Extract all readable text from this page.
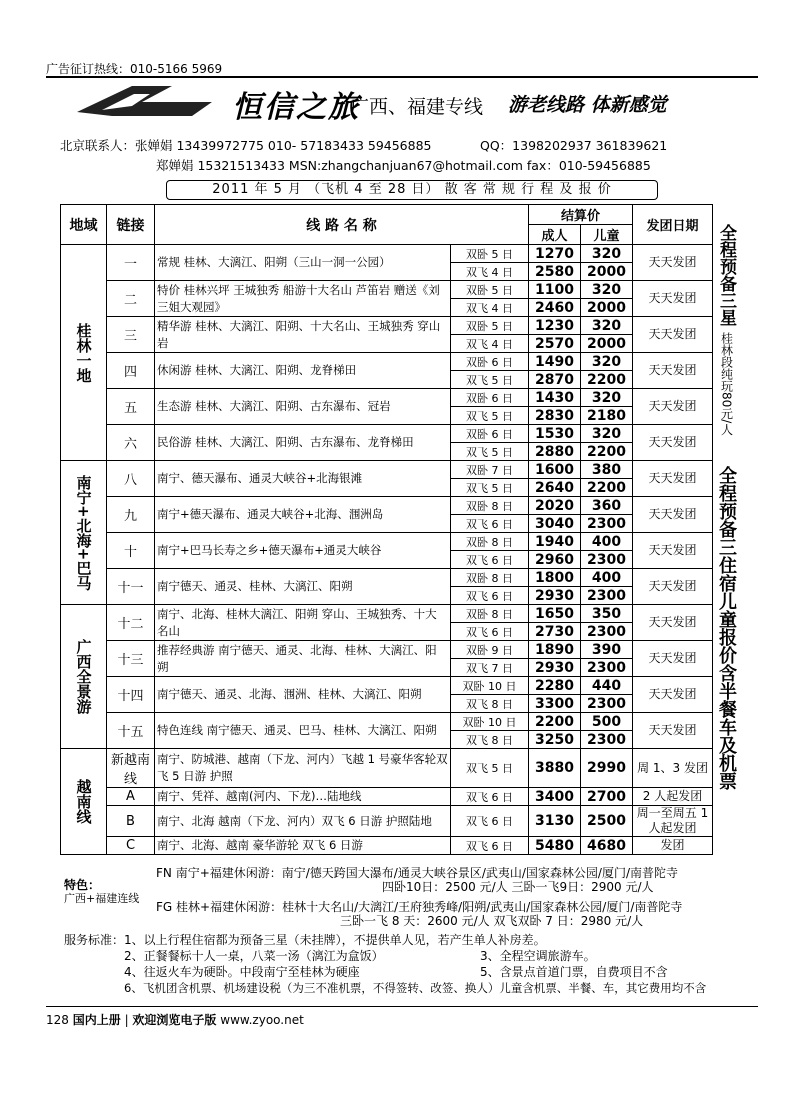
广告征订热线：010-5166 5969
恒信之旅
广西、福建专线 游老线路 体新感觉
北京联系人：张婵娟 13439972775 010- 57183433 59456885	QQ：1398202937 361839621
郑婵娟 15321513433 MSN:zhangchanjuan67@hotmail.com fax：010-59456885
2011 年 5 月 （飞机 4 至 28 日） 散 客 常 规 行 程 及 报 价
地域	链接	线 路 名 称		结算价		发团日期
				成人	儿童	
桂林一地	一	常规 桂林、大漓江、阳朔（三山一洞一公园）	双卧 5 日	1270	320	天天发团
			双飞 4 日	2580	2000	
	二	特价 桂林兴坪 王城独秀 船游十大名山 芦笛岩 赠送《刘三姐大观园》	双卧 5 日	1100	320	天天发团
			双飞 4 日	2460	2000	
	三	精华游 桂林、大漓江、阳朔、十大名山、王城独秀 穿山岩	双卧 5 日	1230	320	天天发团
			双飞 4 日	2570	2000	
	四	休闲游 桂林、大漓江、阳朔、龙脊梯田	双卧 6 日	1490	320	天天发团
			双飞 5 日	2870	2200	
	五	生态游 桂林、大漓江、阳朔、古东瀑布、冠岩	双卧 6 日	1430	320	天天发团
			双飞 5 日	2830	2180	
	六	民俗游 桂林、大漓江、阳朔、古东瀑布、龙脊梯田	双卧 6 日	1530	320	天天发团
			双飞 5 日	2880	2200	
南宁+北海+巴马	八	南宁、德天瀑布、通灵大峡谷+北海银滩	双卧 7 日	1600	380	天天发团
			双飞 5 日	2640	2200	
	九	南宁+德天瀑布、通灵大峡谷+北海、涠洲岛	双卧 8 日	2020	360	天天发团
			双飞 6 日	3040	2300	
	十	南宁+巴马长寿之乡+德天瀑布+通灵大峡谷	双卧 8 日	1940	400	天天发团
			双飞 6 日	2960	2300	
	十一	南宁德天、通灵、桂林、大漓江、阳朔	双卧 8 日	1800	400	天天发团
			双飞 6 日	2930	2300	
广西全景游	十二	南宁、北海、桂林大漓江、阳朔 穿山、王城独秀、十大名山	双卧 8 日	1650	350	天天发团
			双飞 6 日	2730	2300	
	十三	推荐经典游 南宁德天、通灵、北海、桂林、大漓江、阳朔	双卧 9 日	1890	390	天天发团
			双飞 7 日	2930	2300	
	十四	南宁德天、通灵、北海、涠洲、桂林、大漓江、阳朔	双卧 10 日	2280	440	天天发团
			双飞 8 日	3300	2300	
	十五	特色连线 南宁德天、通灵、巴马、桂林、大漓江、阳朔	双卧 10 日	2200	500	天天发团
			双飞 8 日	3250	2300	
越南线	新越南线	南宁、防城港、越南（下龙、河内）飞越 1 号豪华客轮双飞 5 日游 护照	双飞 5 日	3880	2990	周 1、3 发团
	A	南宁、凭祥、越南(河内、下龙)…陆地线	双飞 6 日	3400	2700	2 人起发团
	B	南宁、北海 越南（下龙、河内）双飞 6 日游 护照陆地	双飞 6 日	3130	2500	周一至周五 1 人起发团
	C	南宁、北海、越南 豪华游轮 双飞 6 日游	双飞 6 日	5480	4680	发团
全程预备三星
桂林段纯玩80元/人
全程预备三住宿儿童报价含半餐车及机票
特色：
广西+福建连线
FN 南宁+福建休闲游：南宁/德天跨国大瀑布/通灵大峡谷景区/武夷山/国家森林公园/厦门/南普陀寺
四卧10日：2500 元/人 三卧一飞9日：2900 元/人
FG 桂林+福建休闲游：桂林十大名山/大漓江/王府独秀峰/阳朔/武夷山/国家森林公园/厦门/南普陀寺
三卧一飞 8 天：2600 元/人 双飞双卧 7 日：2980 元/人
服务标准：1、以上行程住宿都为预备三星（未挂牌），不提供单人见，若产生单人补房差。
2、正餐餐标十人一桌，八菜一汤（漓江为盒饭）	3、全程空调旅游车。
4、往返火车为硬卧。中段南宁至桂林为硬座	5、含景点首道门票，自费项目不含
6、飞机团含机票、机场建设税（为三不准机票，不得签转、改签、换人）儿童含机票、半餐、车，其它费用均不含
128 国内上册 | 欢迎浏览电子版 www.zyoo.net
